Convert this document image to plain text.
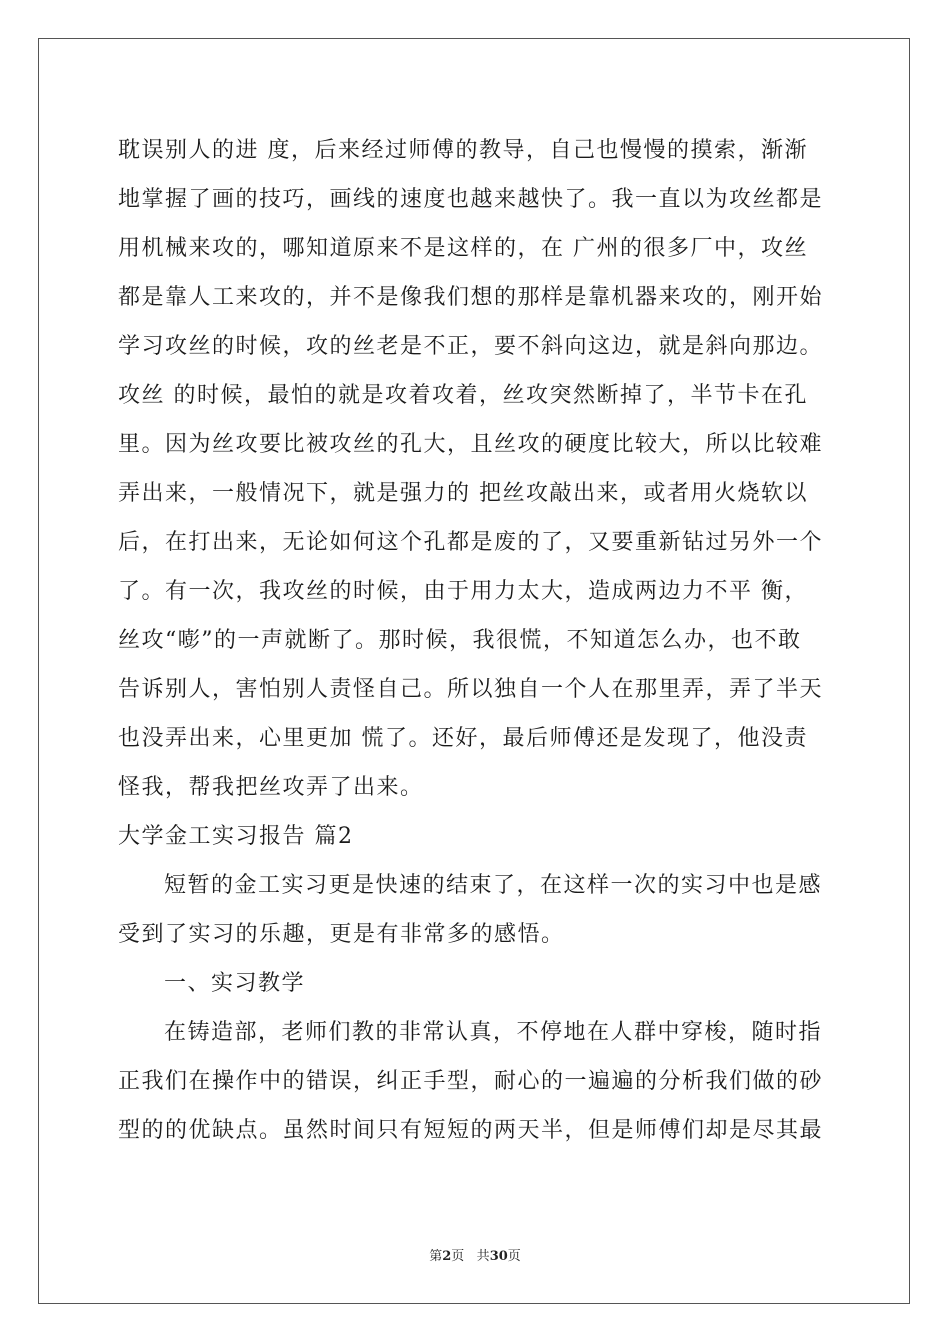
耽误别人的进 度，后来经过师傅的教导，自己也慢慢的摸索，渐渐
地掌握了画的技巧，画线的速度也越来越快了。我一直以为攻丝都是
用机械来攻的，哪知道原来不是这样的，在 广州的很多厂中，攻丝
都是靠人工来攻的，并不是像我们想的那样是靠机器来攻的，刚开始
学习攻丝的时候，攻的丝老是不正，要不斜向这边，就是斜向那边。
攻丝 的时候，最怕的就是攻着攻着，丝攻突然断掉了，半节卡在孔
里。因为丝攻要比被攻丝的孔大，且丝攻的硬度比较大，所以比较难
弄出来，一般情况下，就是强力的 把丝攻敲出来，或者用火烧软以
后，在打出来，无论如何这个孔都是废的了，又要重新钻过另外一个
了。有一次，我攻丝的时候，由于用力太大，造成两边力不平 衡，
丝攻“嘭”的一声就断了。那时候，我很慌，不知道怎么办，也不敢
告诉别人，害怕别人责怪自己。所以独自一个人在那里弄，弄了半天
也没弄出来，心里更加 慌了。还好，最后师傅还是发现了，他没责
怪我，帮我把丝攻弄了出来。
大学金工实习报告 篇2
短暂的金工实习更是快速的结束了，在这样一次的实习中也是感
受到了实习的乐趣，更是有非常多的感悟。
一、实习教学
在铸造部，老师们教的非常认真，不停地在人群中穿梭，随时指
正我们在操作中的错误，纠正手型，耐心的一遍遍的分析我们做的砂
型的的优缺点。虽然时间只有短短的两天半，但是师傅们却是尽其最
第2页 共30页
